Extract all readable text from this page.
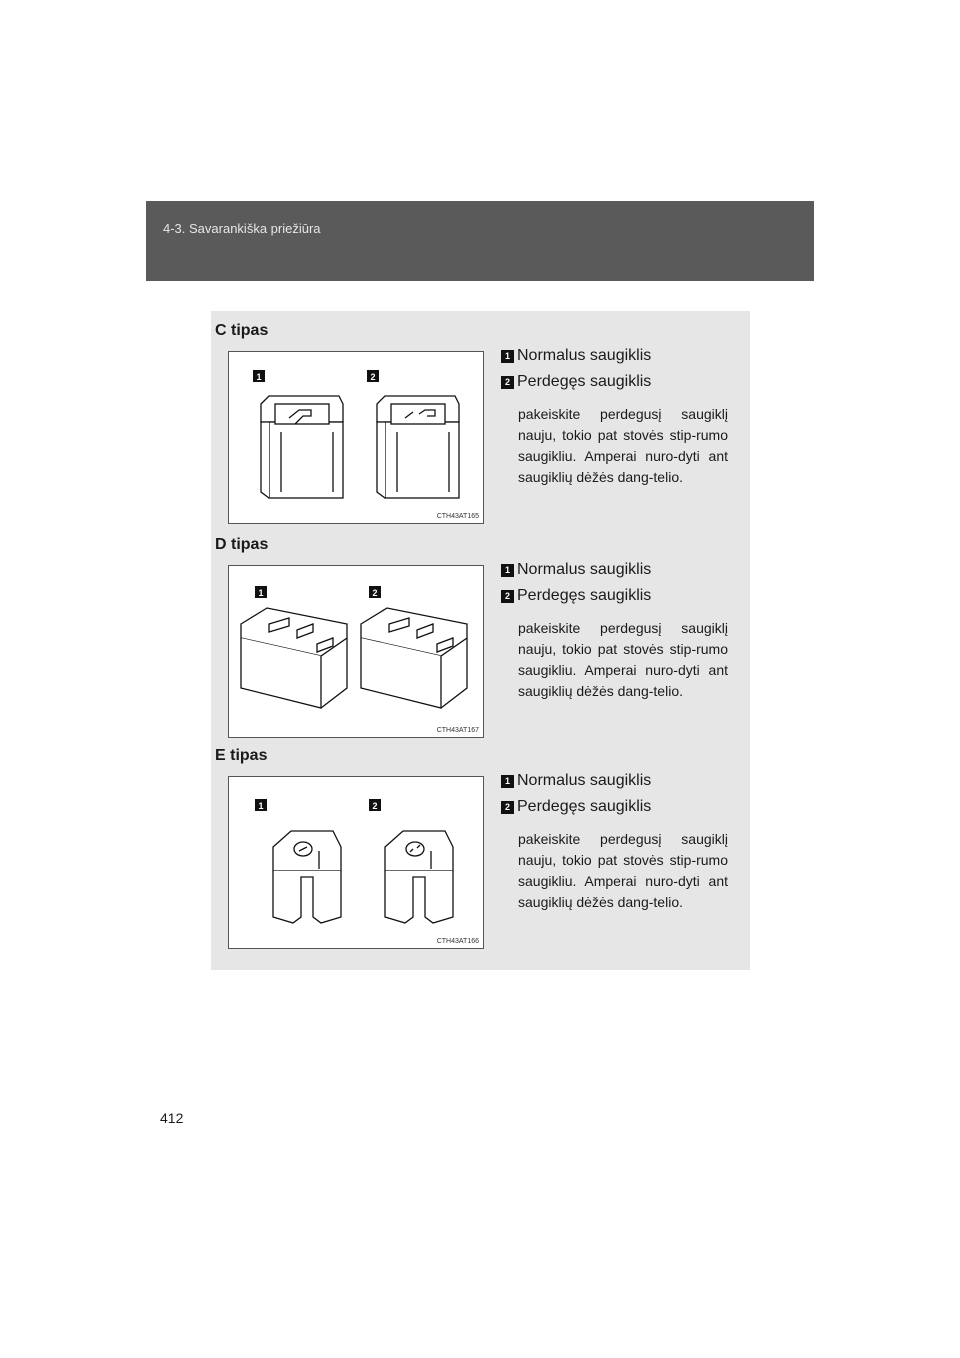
4-3. Savarankiška priežiūra
C tipas
1	2
CTH43AT165
1 Normalus saugiklis
2 Perdegęs saugiklis
pakeiskite perdegusį saugiklį nauju, tokio pat stovės stip-rumo saugikliu. Amperai nuro-dyti ant saugiklių dėžės dang-telio.
D tipas
1	2
CTH43AT167
1 Normalus saugiklis
2 Perdegęs saugiklis
pakeiskite perdegusį saugiklį nauju, tokio pat stovės stip-rumo saugikliu. Amperai nuro-dyti ant saugiklių dėžės dang-telio.
E tipas
1	2
CTH43AT166
1 Normalus saugiklis
2 Perdegęs saugiklis
pakeiskite perdegusį saugiklį nauju, tokio pat stovės stip-rumo saugikliu. Amperai nuro-dyti ant saugiklių dėžės dang-telio.
412
